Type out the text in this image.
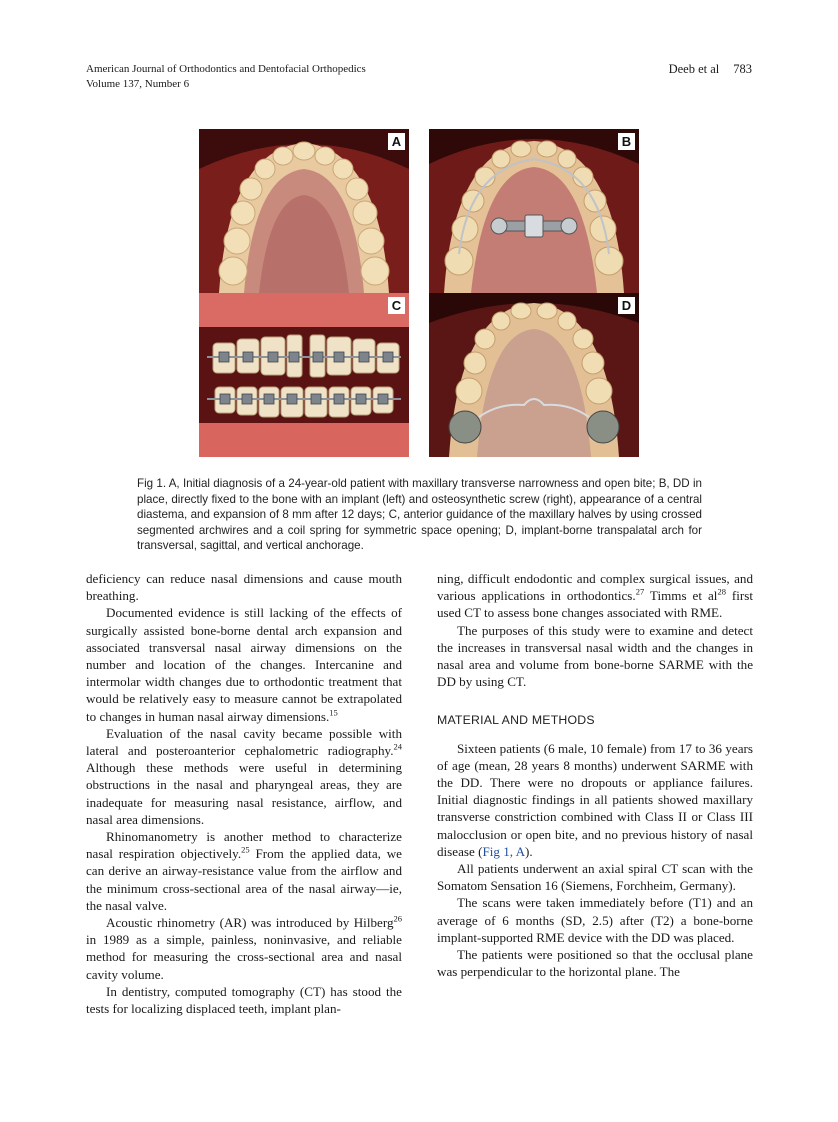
American Journal of Orthodontics and Dentofacial Orthopedics
Volume 137, Number 6
Deeb et al 783
A	B
C	D
Fig 1. A, Initial diagnosis of a 24-year-old patient with maxillary transverse narrowness and open bite; B, DD in place, directly fixed to the bone with an implant (left) and osteosynthetic screw (right), appearance of a central diastema, and expansion of 8 mm after 12 days; C, anterior guidance of the maxillary halves by using crossed segmented archwires and a coil spring for symmetric space opening; D, implant-borne transpalatal arch for transversal, sagittal, and vertical anchorage.

deficiency can reduce nasal dimensions and cause mouth breathing.

Documented evidence is still lacking of the effects of surgically assisted bone-borne dental arch expansion and associated transversal nasal airway dimensions on the number and location of the changes. Intercanine and intermolar width changes due to orthodontic treatment that would be relatively easy to measure cannot be extrapolated to changes in human nasal airway dimensions.$^{15}$

Evaluation of the nasal cavity became possible with lateral and posteroanterior cephalometric radiography.$^{24}$ Although these methods were useful in determining obstructions in the nasal and pharyngeal areas, they are inadequate for measuring nasal resistance, airflow, and nasal area dimensions.

Rhinomanometry is another method to characterize nasal respiration objectively.$^{25}$ From the applied data, we can derive an airway-resistance value from the airflow and the minimum cross-sectional area of the nasal airway—ie, the nasal valve.

Acoustic rhinometry (AR) was introduced by Hilberg$^{26}$ in 1989 as a simple, painless, noninvasive, and reliable method for measuring the cross-sectional area and nasal cavity volume.

In dentistry, computed tomography (CT) has stood the tests for localizing displaced teeth, implant plan-

ning, difficult endodontic and complex surgical issues, and various applications in orthodontics.$^{27}$ Timms et $al^{28}$ first used CT to assess bone changes associated with RME.

The purposes of this study were to examine and detect the increases in transversal nasal width and the changes in nasal area and volume from bone-borne SARME with the DD by using CT.

MATERIAL AND METHODS

Sixteen patients (6 male, 10 female) from 17 to 36 years of age (mean, 28 years 8 months) underwent SARME with the DD. There were no dropouts or appliance failures. Initial diagnostic findings in all patients showed maxillary transverse constriction combined with Class II or Class III malocclusion or open bite, and no previous history of nasal disease (Fig 1, A).

All patients underwent an axial spiral CT scan with the Somatom Sensation 16 (Siemens, Forchheim, Germany).

The scans were taken immediately before (T1) and an average of 6 months (SD, 2.5) after (T2) a bone-borne implant-supported RME device with the DD was placed.

The patients were positioned so that the occlusal plane was perpendicular to the horizontal plane. The
